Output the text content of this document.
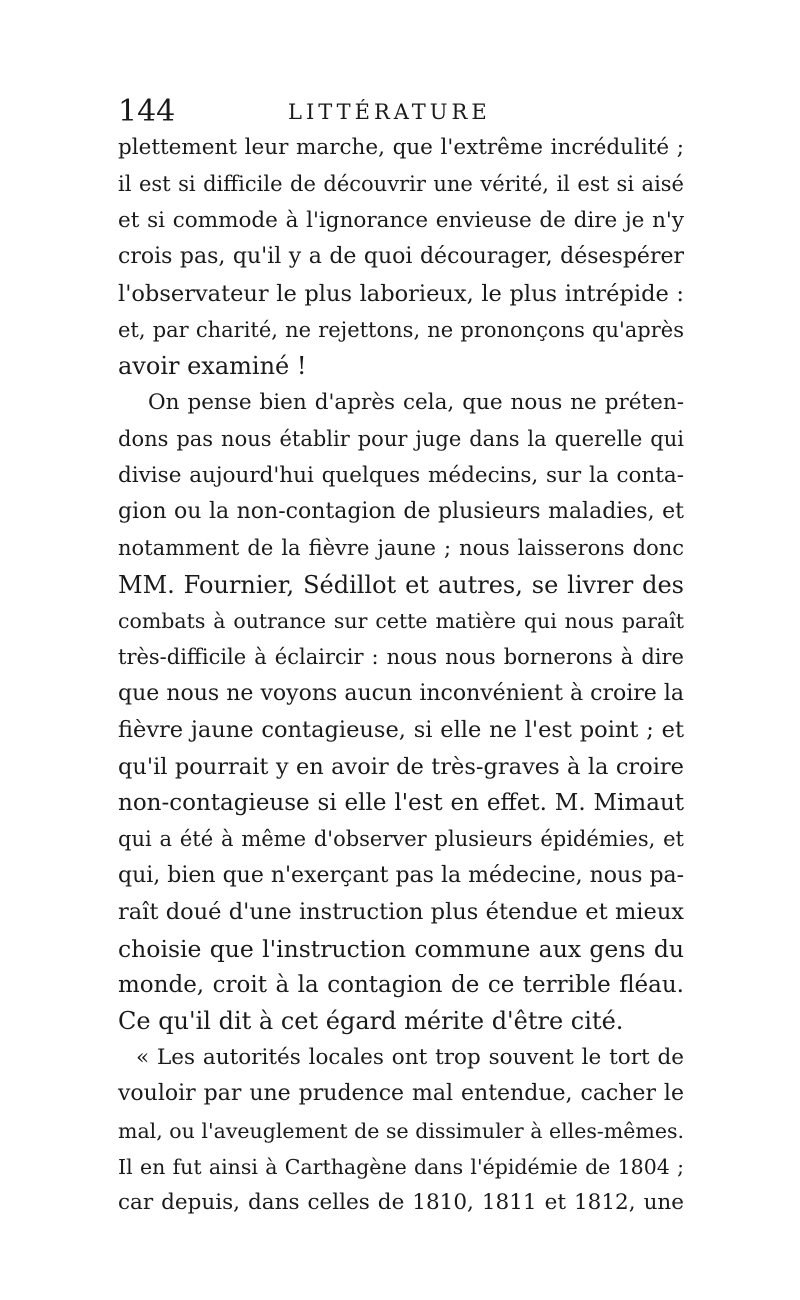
144	LITTÉRATURE
plettement leur marche, que l'extrême incrédulité ;
il est si difficile de découvrir une vérité, il est si aisé
et si commode à l'ignorance envieuse de dire je n'y
crois pas, qu'il y a de quoi décourager, désespérer
l'observateur le plus laborieux, le plus intrépide :
et, par charité, ne rejettons, ne prononçons qu'après
avoir examiné !
On pense bien d'après cela, que nous ne préten-
dons pas nous établir pour juge dans la querelle qui
divise aujourd'hui quelques médecins, sur la conta-
gion ou la non-contagion de plusieurs maladies, et
notamment de la fièvre jaune ; nous laisserons donc
MM. Fournier, Sédillot et autres, se livrer des
combats à outrance sur cette matière qui nous paraît
très-difficile à éclaircir : nous nous bornerons à dire
que nous ne voyons aucun inconvénient à croire la
fièvre jaune contagieuse, si elle ne l'est point ; et
qu'il pourrait y en avoir de très-graves à la croire
non-contagieuse si elle l'est en effet. M. Mimaut
qui a été à même d'observer plusieurs épidémies, et
qui, bien que n'exerçant pas la médecine, nous pa-
raît doué d'une instruction plus étendue et mieux
choisie que l'instruction commune aux gens du
monde, croit à la contagion de ce terrible fléau.
Ce qu'il dit à cet égard mérite d'être cité.
« Les autorités locales ont trop souvent le tort de
vouloir par une prudence mal entendue, cacher le
mal, ou l'aveuglement de se dissimuler à elles-mêmes.
Il en fut ainsi à Carthagène dans l'épidémie de 1804 ;
car depuis, dans celles de 1810, 1811 et 1812, une
